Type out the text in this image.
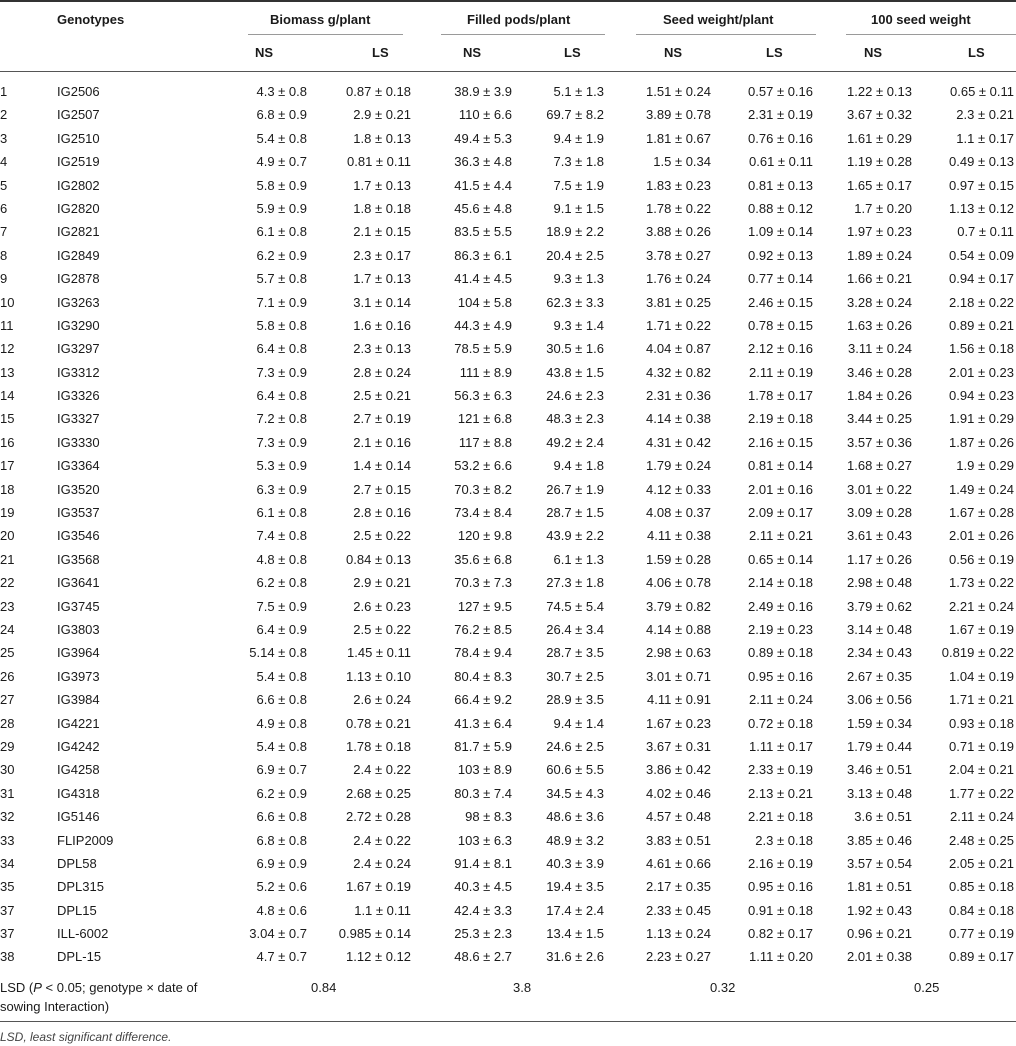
Genotypes	Biomass g/plant	Filled pods/plant	Seed weight/plant	100 seed weight
NS	LS	NS	LS	NS	LS	NS	LS
1	IG2506	4.3 ± 0.8	0.87 ± 0.18	38.9 ± 3.9	5.1 ± 1.3	1.51 ± 0.24	0.57 ± 0.16	1.22 ± 0.13	0.65 ± 0.11
2	IG2507	6.8 ± 0.9	2.9 ± 0.21	110 ± 6.6	69.7 ± 8.2	3.89 ± 0.78	2.31 ± 0.19	3.67 ± 0.32	2.3 ± 0.21
3	IG2510	5.4 ± 0.8	1.8 ± 0.13	49.4 ± 5.3	9.4 ± 1.9	1.81 ± 0.67	0.76 ± 0.16	1.61 ± 0.29	1.1 ± 0.17
4	IG2519	4.9 ± 0.7	0.81 ± 0.11	36.3 ± 4.8	7.3 ± 1.8	1.5 ± 0.34	0.61 ± 0.11	1.19 ± 0.28	0.49 ± 0.13
5	IG2802	5.8 ± 0.9	1.7 ± 0.13	41.5 ± 4.4	7.5 ± 1.9	1.83 ± 0.23	0.81 ± 0.13	1.65 ± 0.17	0.97 ± 0.15
6	IG2820	5.9 ± 0.9	1.8 ± 0.18	45.6 ± 4.8	9.1 ± 1.5	1.78 ± 0.22	0.88 ± 0.12	1.7 ± 0.20	1.13 ± 0.12
7	IG2821	6.1 ± 0.8	2.1 ± 0.15	83.5 ± 5.5	18.9 ± 2.2	3.88 ± 0.26	1.09 ± 0.14	1.97 ± 0.23	0.7 ± 0.11
8	IG2849	6.2 ± 0.9	2.3 ± 0.17	86.3 ± 6.1	20.4 ± 2.5	3.78 ± 0.27	0.92 ± 0.13	1.89 ± 0.24	0.54 ± 0.09
9	IG2878	5.7 ± 0.8	1.7 ± 0.13	41.4 ± 4.5	9.3 ± 1.3	1.76 ± 0.24	0.77 ± 0.14	1.66 ± 0.21	0.94 ± 0.17
10	IG3263	7.1 ± 0.9	3.1 ± 0.14	104 ± 5.8	62.3 ± 3.3	3.81 ± 0.25	2.46 ± 0.15	3.28 ± 0.24	2.18 ± 0.22
11	IG3290	5.8 ± 0.8	1.6 ± 0.16	44.3 ± 4.9	9.3 ± 1.4	1.71 ± 0.22	0.78 ± 0.15	1.63 ± 0.26	0.89 ± 0.21
12	IG3297	6.4 ± 0.8	2.3 ± 0.13	78.5 ± 5.9	30.5 ± 1.6	4.04 ± 0.87	2.12 ± 0.16	3.11 ± 0.24	1.56 ± 0.18
13	IG3312	7.3 ± 0.9	2.8 ± 0.24	111 ± 8.9	43.8 ± 1.5	4.32 ± 0.82	2.11 ± 0.19	3.46 ± 0.28	2.01 ± 0.23
14	IG3326	6.4 ± 0.8	2.5 ± 0.21	56.3 ± 6.3	24.6 ± 2.3	2.31 ± 0.36	1.78 ± 0.17	1.84 ± 0.26	0.94 ± 0.23
15	IG3327	7.2 ± 0.8	2.7 ± 0.19	121 ± 6.8	48.3 ± 2.3	4.14 ± 0.38	2.19 ± 0.18	3.44 ± 0.25	1.91 ± 0.29
16	IG3330	7.3 ± 0.9	2.1 ± 0.16	117 ± 8.8	49.2 ± 2.4	4.31 ± 0.42	2.16 ± 0.15	3.57 ± 0.36	1.87 ± 0.26
17	IG3364	5.3 ± 0.9	1.4 ± 0.14	53.2 ± 6.6	9.4 ± 1.8	1.79 ± 0.24	0.81 ± 0.14	1.68 ± 0.27	1.9 ± 0.29
18	IG3520	6.3 ± 0.9	2.7 ± 0.15	70.3 ± 8.2	26.7 ± 1.9	4.12 ± 0.33	2.01 ± 0.16	3.01 ± 0.22	1.49 ± 0.24
19	IG3537	6.1 ± 0.8	2.8 ± 0.16	73.4 ± 8.4	28.7 ± 1.5	4.08 ± 0.37	2.09 ± 0.17	3.09 ± 0.28	1.67 ± 0.28
20	IG3546	7.4 ± 0.8	2.5 ± 0.22	120 ± 9.8	43.9 ± 2.2	4.11 ± 0.38	2.11 ± 0.21	3.61 ± 0.43	2.01 ± 0.26
21	IG3568	4.8 ± 0.8	0.84 ± 0.13	35.6 ± 6.8	6.1 ± 1.3	1.59 ± 0.28	0.65 ± 0.14	1.17 ± 0.26	0.56 ± 0.19
22	IG3641	6.2 ± 0.8	2.9 ± 0.21	70.3 ± 7.3	27.3 ± 1.8	4.06 ± 0.78	2.14 ± 0.18	2.98 ± 0.48	1.73 ± 0.22
23	IG3745	7.5 ± 0.9	2.6 ± 0.23	127 ± 9.5	74.5 ± 5.4	3.79 ± 0.82	2.49 ± 0.16	3.79 ± 0.62	2.21 ± 0.24
24	IG3803	6.4 ± 0.9	2.5 ± 0.22	76.2 ± 8.5	26.4 ± 3.4	4.14 ± 0.88	2.19 ± 0.23	3.14 ± 0.48	1.67 ± 0.19
25	IG3964	5.14 ± 0.8	1.45 ± 0.11	78.4 ± 9.4	28.7 ± 3.5	2.98 ± 0.63	0.89 ± 0.18	2.34 ± 0.43 0.819 ± 0.22
26	IG3973	5.4 ± 0.8	1.13 ± 0.10	80.4 ± 8.3	30.7 ± 2.5	3.01 ± 0.71	0.95 ± 0.16	2.67 ± 0.35	1.04 ± 0.19
27	IG3984	6.6 ± 0.8	2.6 ± 0.24	66.4 ± 9.2	28.9 ± 3.5	4.11 ± 0.91	2.11 ± 0.24	3.06 ± 0.56	1.71 ± 0.21
28	IG4221	4.9 ± 0.8	0.78 ± 0.21	41.3 ± 6.4	9.4 ± 1.4	1.67 ± 0.23	0.72 ± 0.18	1.59 ± 0.34	0.93 ± 0.18
29	IG4242	5.4 ± 0.8	1.78 ± 0.18	81.7 ± 5.9	24.6 ± 2.5	3.67 ± 0.31	1.11 ± 0.17	1.79 ± 0.44	0.71 ± 0.19
30	IG4258	6.9 ± 0.7	2.4 ± 0.22	103 ± 8.9	60.6 ± 5.5	3.86 ± 0.42	2.33 ± 0.19	3.46 ± 0.51	2.04 ± 0.21
31	IG4318	6.2 ± 0.9	2.68 ± 0.25	80.3 ± 7.4	34.5 ± 4.3	4.02 ± 0.46	2.13 ± 0.21	3.13 ± 0.48	1.77 ± 0.22
32	IG5146	6.6 ± 0.8	2.72 ± 0.28	98 ± 8.3	48.6 ± 3.6	4.57 ± 0.48	2.21 ± 0.18	3.6 ± 0.51	2.11 ± 0.24
33	FLIP2009	6.8 ± 0.8	2.4 ± 0.22	103 ± 6.3	48.9 ± 3.2	3.83 ± 0.51	2.3 ± 0.18	3.85 ± 0.46	2.48 ± 0.25
34	DPL58	6.9 ± 0.9	2.4 ± 0.24	91.4 ± 8.1	40.3 ± 3.9	4.61 ± 0.66	2.16 ± 0.19	3.57 ± 0.54	2.05 ± 0.21
35	DPL315	5.2 ± 0.6	1.67 ± 0.19	40.3 ± 4.5	19.4 ± 3.5	2.17 ± 0.35	0.95 ± 0.16	1.81 ± 0.51	0.85 ± 0.18
37	DPL15	4.8 ± 0.6	1.1 ± 0.11	42.4 ± 3.3	17.4 ± 2.4	2.33 ± 0.45	0.91 ± 0.18	1.92 ± 0.43	0.84 ± 0.18
37	ILL-6002	3.04 ± 0.7 0.985 ± 0.14	25.3 ± 2.3	13.4 ± 1.5	1.13 ± 0.24	0.82 ± 0.17	0.96 ± 0.21	0.77 ± 0.19
38	DPL-15	4.7 ± 0.7	1.12 ± 0.12	48.6 ± 2.7	31.6 ± 2.6	2.23 ± 0.27	1.11 ± 0.20	2.01 ± 0.38	0.89 ± 0.17
LSD (P < 0.05; genotype × date of sowing Interaction)
0.84	3.8	0.32	0.25
LSD, least significant difference.
